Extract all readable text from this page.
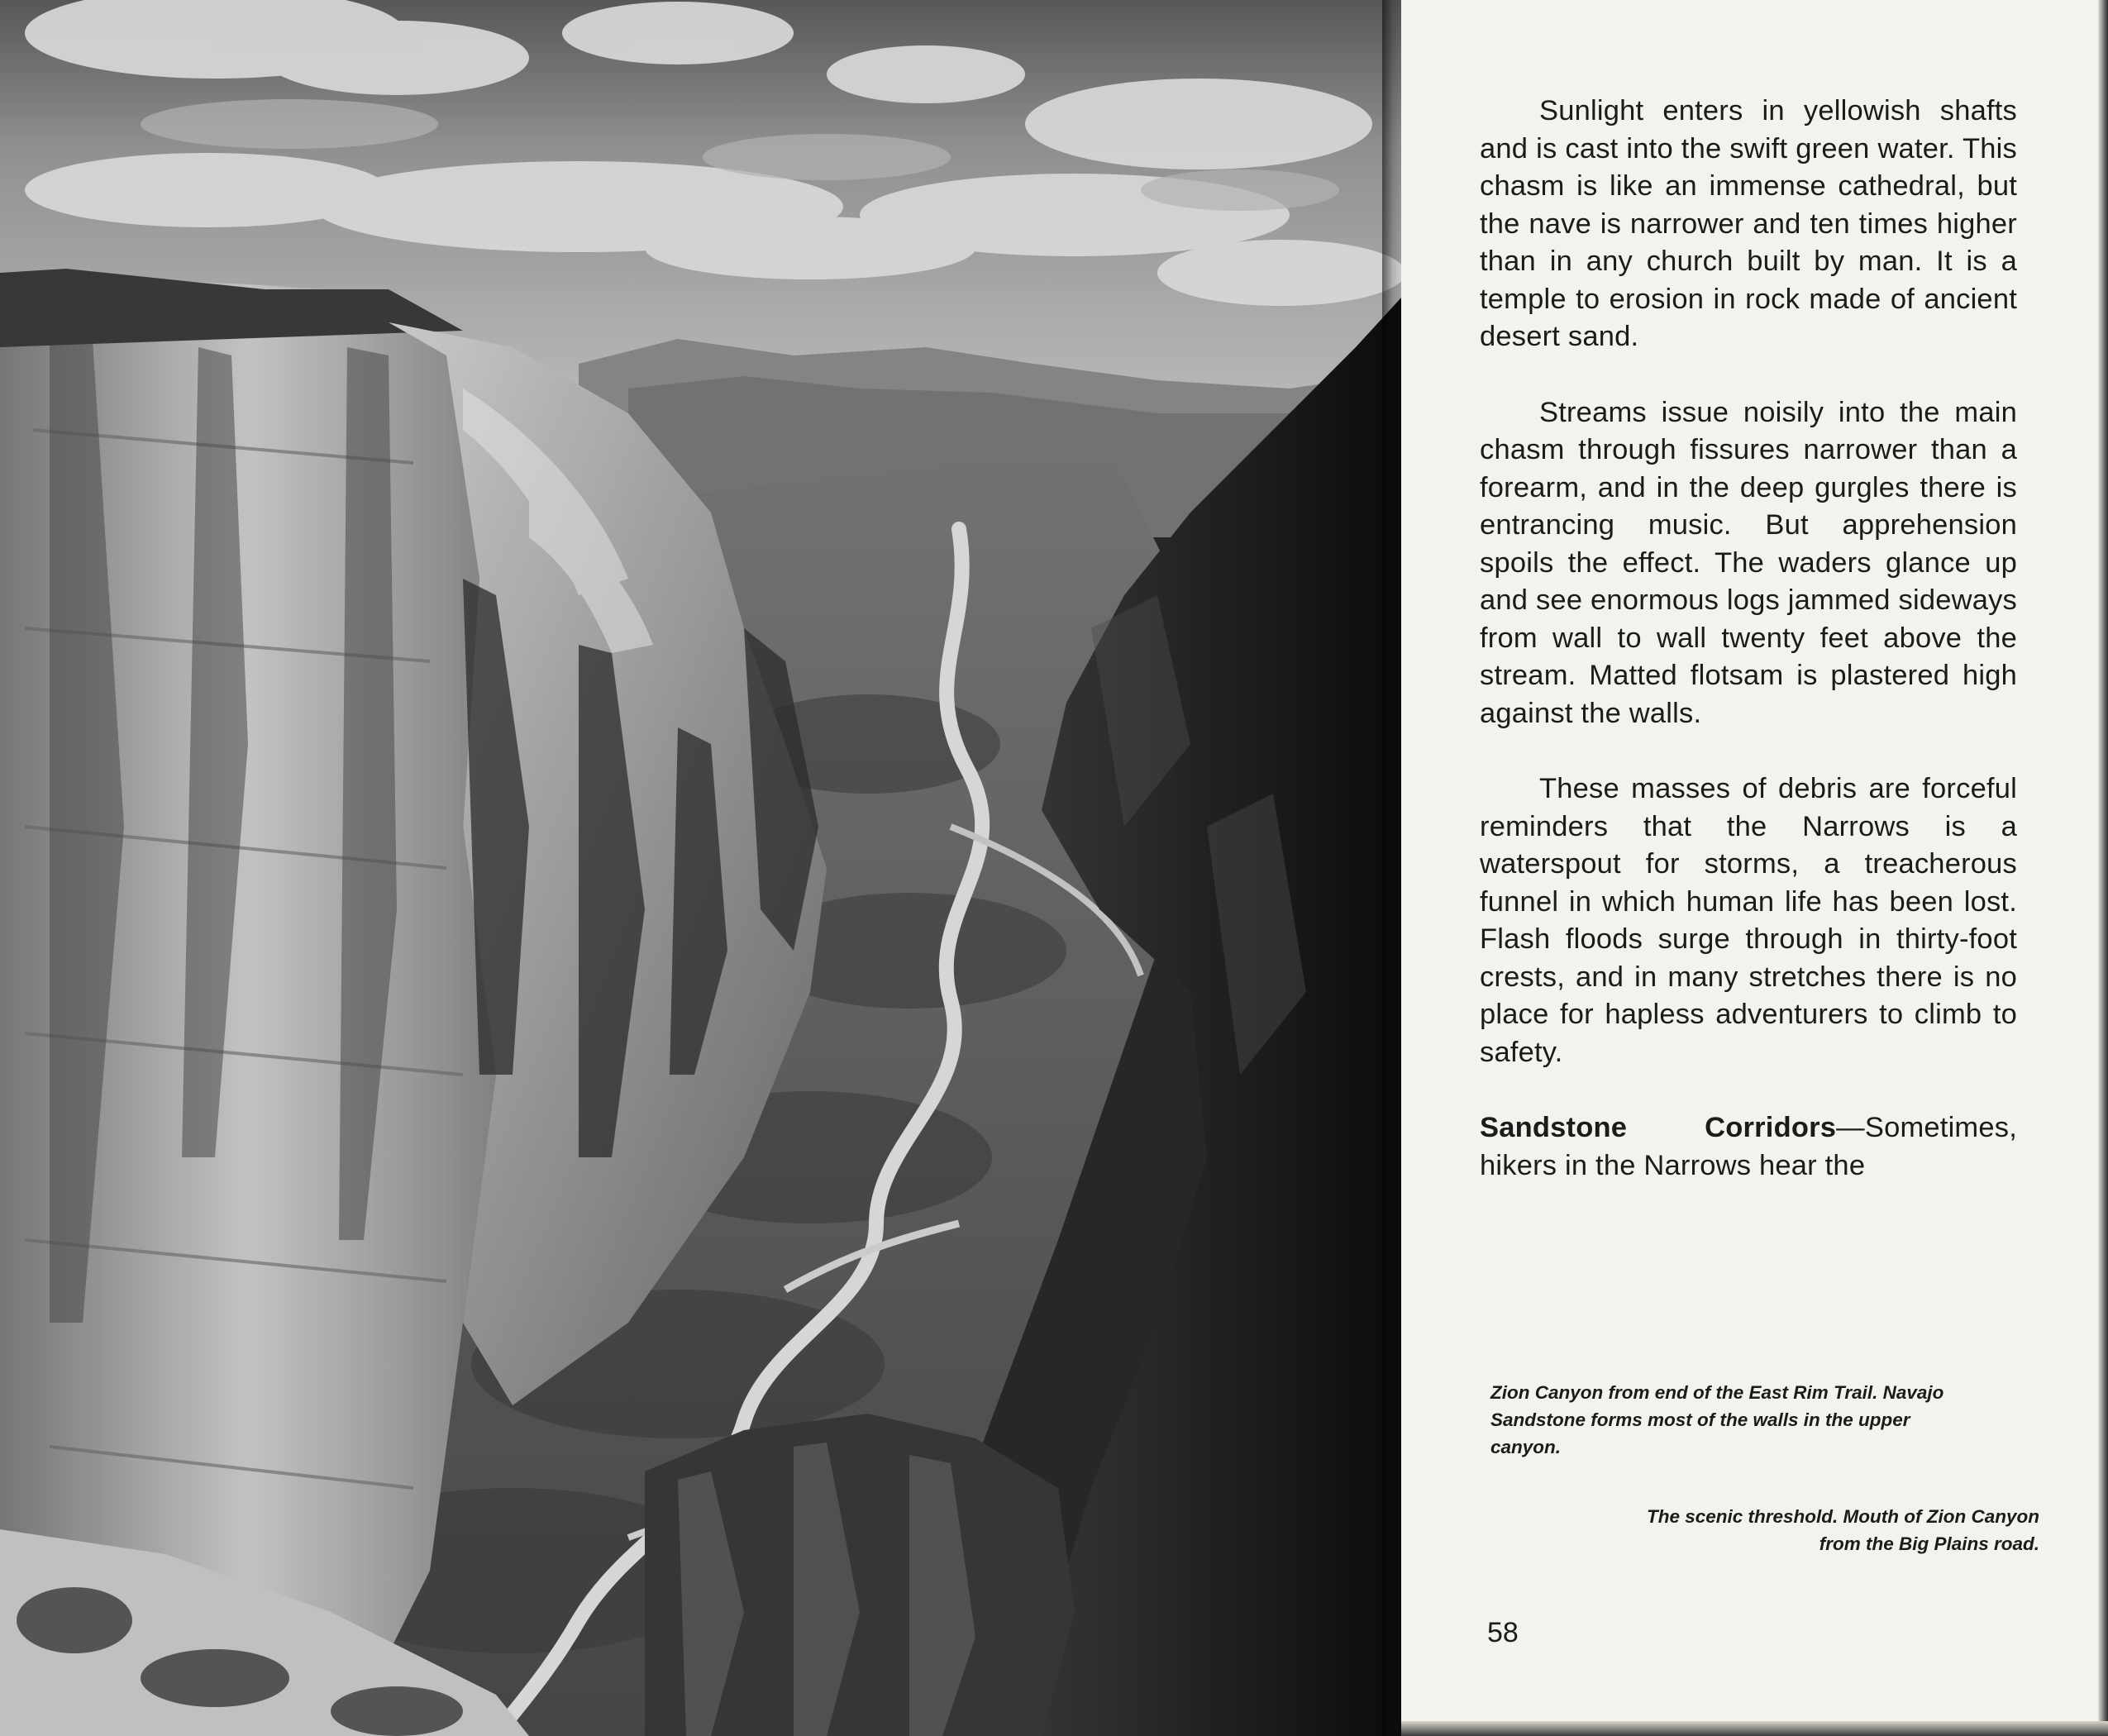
Sunlight enters in yellowish shafts and is cast into the swift green water. This chasm is like an immense cathedral, but the nave is narrower and ten times higher than in any church built by man. It is a temple to erosion in rock made of ancient desert sand.

Streams issue noisily into the main chasm through fissures narrower than a forearm, and in the deep gurgles there is entrancing music. But apprehension spoils the effect. The waders glance up and see enormous logs jammed sideways from wall to wall twenty feet above the stream. Matted flotsam is plastered high against the walls.

These masses of debris are forceful reminders that the Narrows is a waterspout for storms, a treacherous funnel in which human life has been lost. Flash floods surge through in thirty-foot crests, and in many stretches there is no place for hapless adventurers to climb to safety.

Sandstone Corridors—Sometimes, hikers in the Narrows hear the

Zion Canyon from end of the East Rim Trail. Navajo Sandstone forms most of the walls in the upper canyon.
The scenic threshold. Mouth of Zion Canyon from the Big Plains road.
58
